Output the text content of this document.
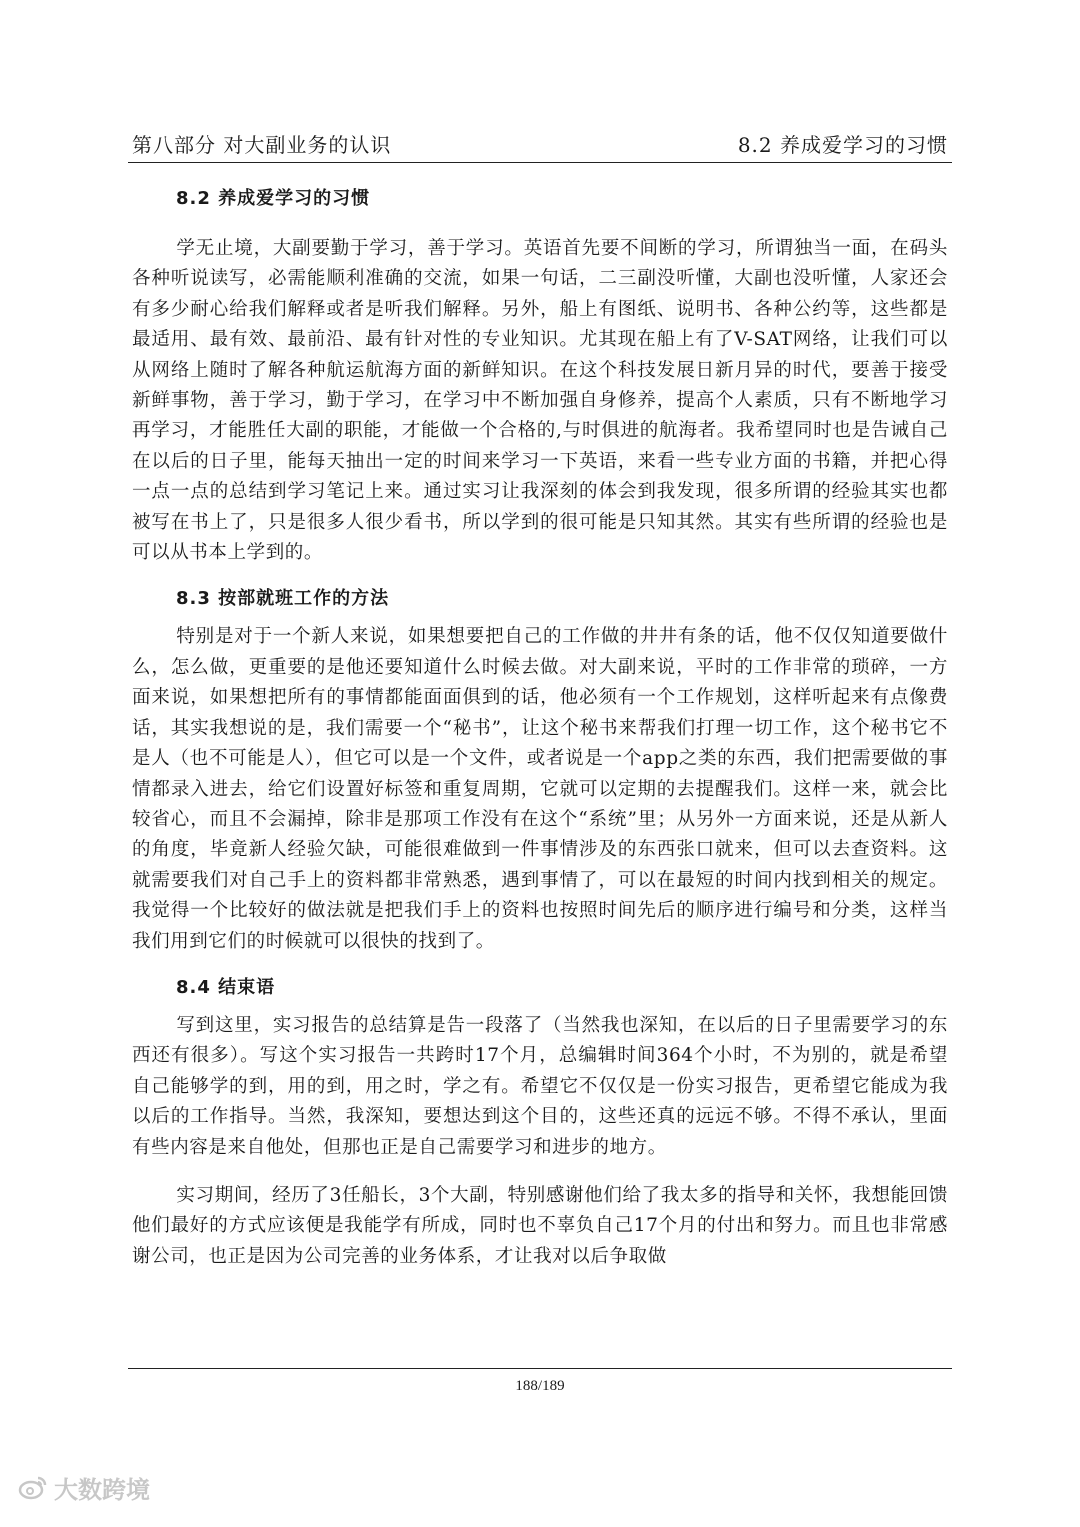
第八部分 对大副业务的认识	8.2 养成爱学习的习惯
8.2 养成爱学习的习惯

学无止境，大副要勤于学习，善于学习。英语首先要不间断的学习，所谓独当一面，在码头各种听说读写，必需能顺利准确的交流，如果一句话，二三副没听懂，大副也没听懂，人家还会有多少耐心给我们解释或者是听我们解释。另外，船上有图纸、说明书、各种公约等，这些都是最适用、最有效、最前沿、最有针对性的专业知识。尤其现在船上有了V-SAT网络，让我们可以从网络上随时了解各种航运航海方面的新鲜知识。在这个科技发展日新月异的时代，要善于接受新鲜事物，善于学习，勤于学习，在学习中不断加强自身修养，提高个人素质，只有不断地学习再学习，才能胜任大副的职能，才能做一个合格的,与时俱进的航海者。我希望同时也是告诫自己在以后的日子里，能每天抽出一定的时间来学习一下英语，来看一些专业方面的书籍，并把心得一点一点的总结到学习笔记上来。通过实习让我深刻的体会到我发现，很多所谓的经验其实也都被写在书上了，只是很多人很少看书，所以学到的很可能是只知其然。其实有些所谓的经验也是可以从书本上学到的。

8.3 按部就班工作的方法

特别是对于一个新人来说，如果想要把自己的工作做的井井有条的话，他不仅仅知道要做什么，怎么做，更重要的是他还要知道什么时候去做。对大副来说，平时的工作非常的琐碎，一方面来说，如果想把所有的事情都能面面俱到的话，他必须有一个工作规划，这样听起来有点像费话，其实我想说的是，我们需要一个“秘书”，让这个秘书来帮我们打理一切工作，这个秘书它不是人（也不可能是人），但它可以是一个文件，或者说是一个app之类的东西，我们把需要做的事情都录入进去，给它们设置好标签和重复周期，它就可以定期的去提醒我们。这样一来，就会比较省心，而且不会漏掉，除非是那项工作没有在这个“系统”里；从另外一方面来说，还是从新人的角度，毕竟新人经验欠缺，可能很难做到一件事情涉及的东西张口就来，但可以去查资料。这就需要我们对自己手上的资料都非常熟悉，遇到事情了，可以在最短的时间内找到相关的规定。我觉得一个比较好的做法就是把我们手上的资料也按照时间先后的顺序进行编号和分类，这样当我们用到它们的时候就可以很快的找到了。

8.4 结束语

写到这里，实习报告的总结算是告一段落了（当然我也深知，在以后的日子里需要学习的东西还有很多）。写这个实习报告一共跨时17个月，总编辑时间364个小时，不为别的，就是希望自己能够学的到，用的到，用之时，学之有。希望它不仅仅是一份实习报告，更希望它能成为我以后的工作指导。当然，我深知，要想达到这个目的，这些还真的远远不够。不得不承认，里面有些内容是来自他处，但那也正是自己需要学习和进步的地方。

实习期间，经历了3任船长，3个大副，特别感谢他们给了我太多的指导和关怀，我想能回馈他们最好的方式应该便是我能学有所成，同时也不辜负自己17个月的付出和努力。而且也非常感谢公司，也正是因为公司完善的业务体系，才让我对以后争取做

188/189
大数跨境
